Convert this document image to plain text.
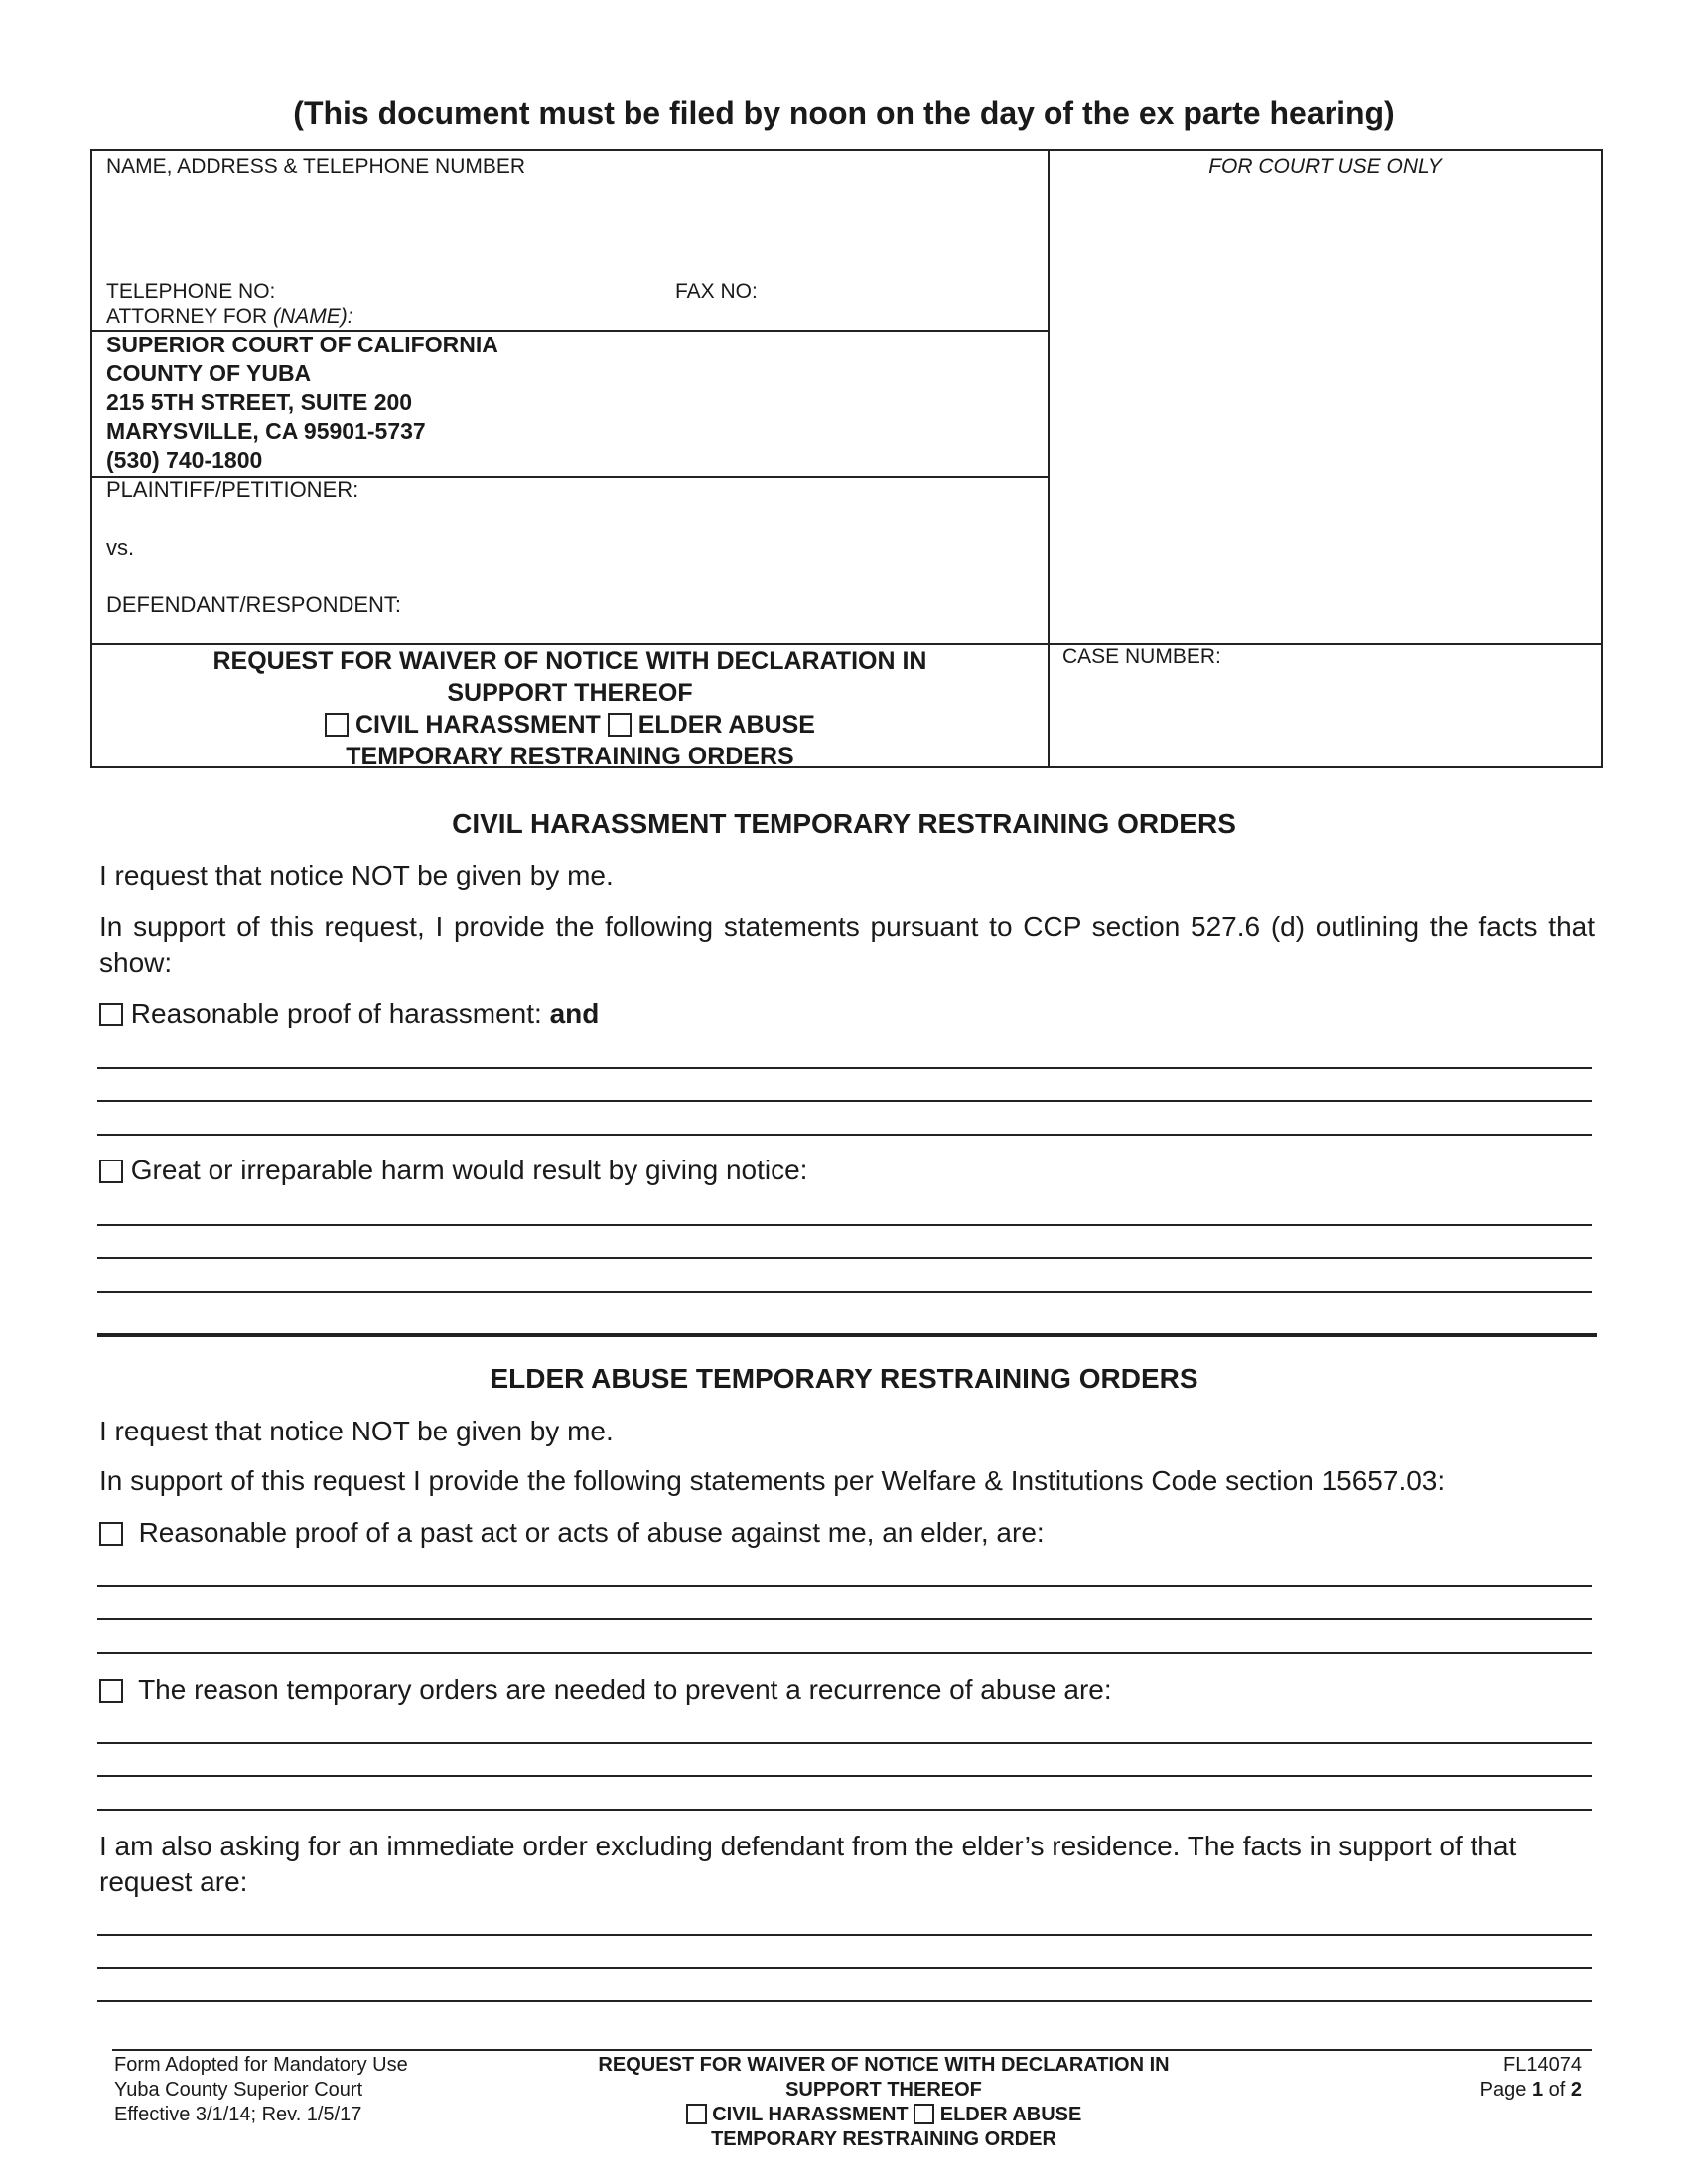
(This document must be filed by noon on the day of the ex parte hearing)
NAME, ADDRESS & TELEPHONE NUMBER	FOR COURT USE ONLY
TELEPHONE NO:	FAX NO:
ATTORNEY FOR (NAME):
SUPERIOR COURT OF CALIFORNIA
COUNTY OF YUBA
215 5TH STREET, SUITE 200
MARYSVILLE, CA 95901-5737
(530) 740-1800
PLAINTIFF/PETITIONER:
vs.
DEFENDANT/RESPONDENT:
CASE NUMBER:
REQUEST FOR WAIVER OF NOTICE WITH DECLARATION IN
SUPPORT THEREOF
CIVIL HARASSMENT ELDER ABUSE
TEMPORARY RESTRAINING ORDERS
CIVIL HARASSMENT TEMPORARY RESTRAINING ORDERS
I request that notice NOT be given by me.
In support of this request, I provide the following statements pursuant to CCP section 527.6 (d) outlining the facts that show:
Reasonable proof of harassment: and
Great or irreparable harm would result by giving notice:
ELDER ABUSE TEMPORARY RESTRAINING ORDERS
I request that notice NOT be given by me.
In support of this request I provide the following statements per Welfare & Institutions Code section 15657.03:
Reasonable proof of a past act or acts of abuse against me, an elder, are:
The reason temporary orders are needed to prevent a recurrence of abuse are:
I am also asking for an immediate order excluding defendant from the elder’s residence. The facts in support of that request are:
Form Adopted for Mandatory Use
Yuba County Superior Court
Effective 3/1/14; Rev. 1/5/17
REQUEST FOR WAIVER OF NOTICE WITH DECLARATION IN
SUPPORT THEREOF
CIVIL HARASSMENT ELDER ABUSE
TEMPORARY RESTRAINING ORDER
FL14074
Page 1 of 2
